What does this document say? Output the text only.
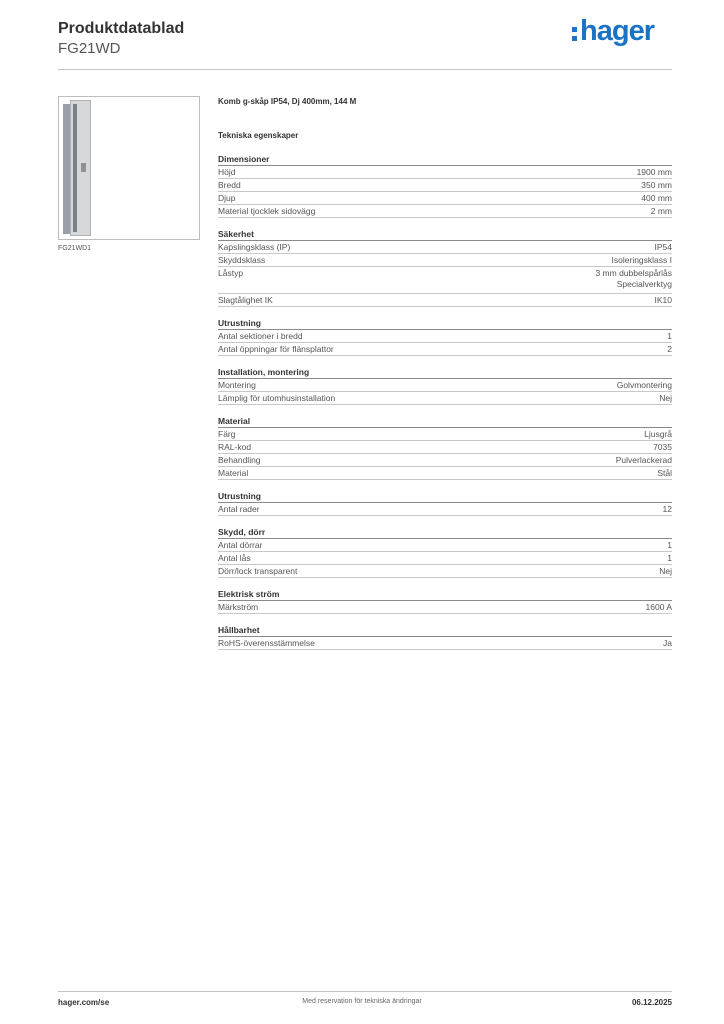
Produktdatablad
FG21WD
hager
FG21WD1
Komb g-skåp IP54, Dj 400mm, 144 M
Tekniska egenskaper
Dimensioner
Höjd	1900 mm
Bredd	350 mm
Djup	400 mm
Material tjocklek sidovägg	2 mm
Säkerhet
Kapslingsklass (IP)	IP54
Skyddsklass	Isoleringsklass I
Låstyp	3 mm dubbelspårlås
Specialverktyg
Slagtålighet IK	IK10
Utrustning
Antal sektioner i bredd	1
Antal öppningar för flänsplattor	2
Installation, montering
Montering	Golvmontering
Lämplig för utomhusinstallation	Nej
Material
Färg	Ljusgrå
RAL-kod	7035
Behandling	Pulverlackerad
Material	Stål
Utrustning
Antal rader	12
Skydd, dörr
Antal dörrar	1
Antal lås	1
Dörr/lock transparent	Nej
Elektrisk ström
Märkström	1600 A
Hållbarhet
RoHS-överensstämmelse	Ja
hager.com/se	Med reservation för tekniska ändringar	06.12.2025
